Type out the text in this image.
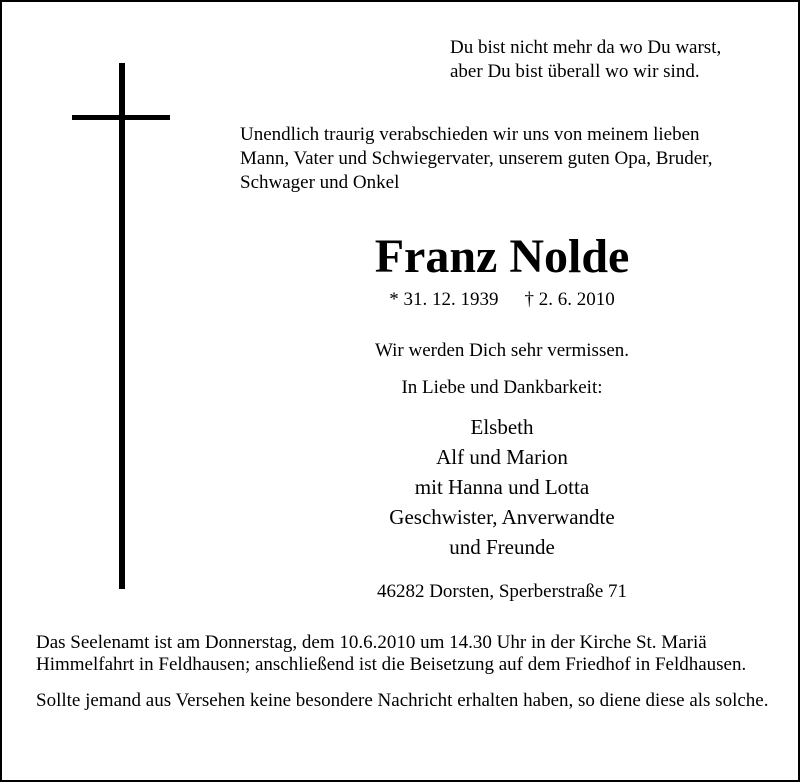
Du bist nicht mehr da wo Du warst,
aber Du bist überall wo wir sind.
Unendlich traurig verabschieden wir uns von meinem lieben
Mann, Vater und Schwiegervater, unserem guten Opa, Bruder,
Schwager und Onkel
Franz Nolde
* 31. 12. 1939 † 2. 6. 2010
Wir werden Dich sehr vermissen.
In Liebe und Dankbarkeit:
Elsbeth
Alf und Marion
mit Hanna und Lotta
Geschwister, Anverwandte
und Freunde
46282 Dorsten, Sperberstraße 71

Das Seelenamt ist am Donnerstag, dem 10.6.2010 um 14.30 Uhr in der Kirche St. Mariä Himmelfahrt in Feldhausen; anschließend ist die Beisetzung auf dem Friedhof in Feldhausen.

Sollte jemand aus Versehen keine besondere Nachricht erhalten haben, so diene diese als solche.
